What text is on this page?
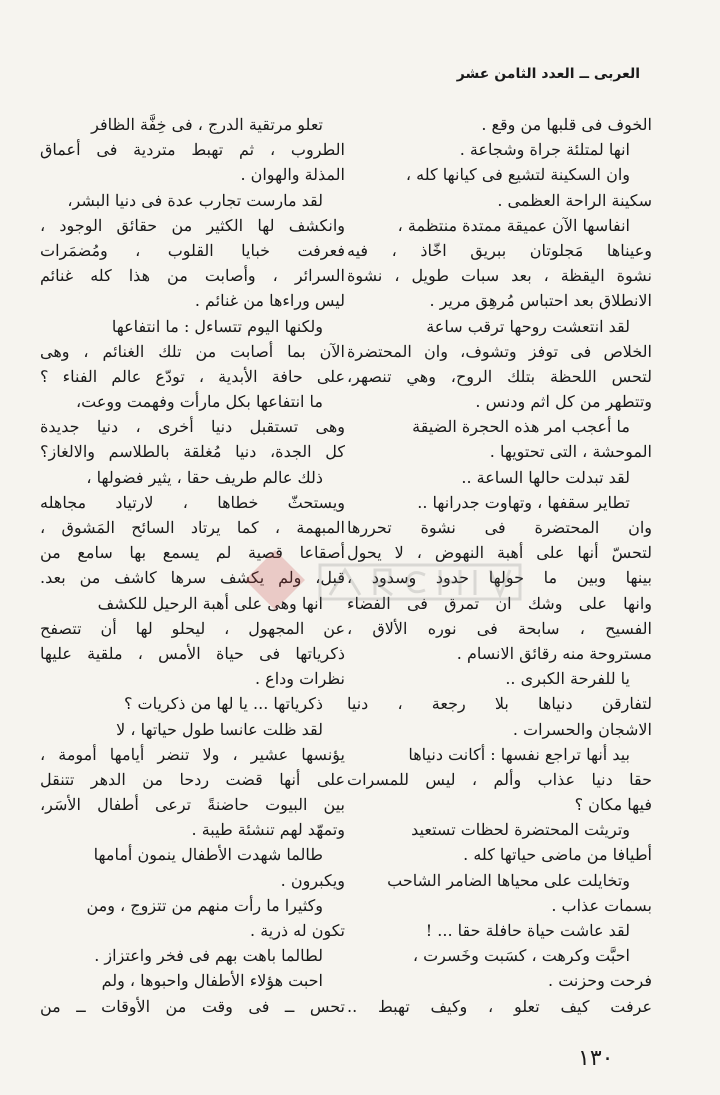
العربى ــ العدد الثامن عشر
الخوف فى قلبها من وقع .
انها لمتلئة جراة وشجاعة .
وان السكينة لتشيع فى كيانها كله ،
سكينة الراحة العظمى .
انفاسها الآن عميقة ممتدة منتظمة ،
وعيناها مَجلوتان ببريق اخّاذ ، فيه
نشوة اليقظة ، بعد سبات طويل ، نشوة
الانطلاق بعد احتباس مُرهِق مرير .
لقد انتعشت روحها ترقب ساعة
الخلاص فى توفز وتشوف، وان المحتضرة
لتحس اللحظة بتلك الروح، وهي تنصهر،
وتتطهر من كل اثم ودنس .
ما أعجب امر هذه الحجرة الضيقة
الموحشة ، التى تحتويها .
لقد تبدلت حالها الساعة ..
تطاير سقفها ، وتهاوت جدرانها ..
وان المحتضرة فى نشوة تحررها
لتحسّ أنها على أهبة النهوض ، لا يحول
بينها وبين ما حولها حدود وسدود ،
وانها على وشك ان تمرق فى الفضاء
الفسيح ، سابحة فى نوره الألاق ،
مستروحة منه رقائق الانسام .
يا للفرحة الكبرى ..
لتفارقن دنياها بلا رجعة ، دنيا
الاشجان والحسرات .
بيد أنها تراجع نفسها : أكانت دنياها
حقا دنيا عذاب وألم ، ليس للمسرات
فيها مكان ؟
وتريثت المحتضرة لحظات تستعيد
أطيافا من ماضى حياتها كله .
وتخايلت على محياها الضامر الشاحب
بسمات عذاب .
لقد عاشت حياة حافلة حقا ... !
احبَّت وكرهت ، كسَبت وخَسرت ،
فرحت وحزنت .
عرفت كيف تعلو ، وكيف تهبط ..
تعلو مرتقية الدرج ، فى خِفَّة الظافر
الطروب ، ثم تهبط متردية فى أعماق
المذلة والهوان .
لقد مارست تجارب عدة فى دنيا البشر،
وانكشف لها الكثير من حقائق الوجود ،
فعرفت خبايا القلوب ، ومُضمَرات
السرائر ، وأصابت من هذا كله غنائم
ليس وراءها من غنائم .
ولكنها اليوم تتساءل : ما انتفاعها
الآن بما أصابت من تلك الغنائم ، وهى
على حافة الأبدية ، تودّع عالم الفناء ؟
ما انتفاعها بكل مارأت وفهمت ووعت،
وهى تستقبل دنيا أخرى ، دنيا جديدة
كل الجدة، دنيا مُغلقة بالطلاسم والالغاز؟
ذلك عالم طريف حقا ، يثير فضولها ،
ويستحثّ خطاها ، لارتياد مجاهله
المبهمة ، كما يرتاد السائح المَشوق ،
أصقاعا قصية لم يسمع بها سامع من
قبل، ولم يكشف سرها كاشف من بعد.
انها وهى على أهبة الرحيل للكشف
عن المجهول ، ليحلو لها أن تتصفح
ذكرياتها فى حياة الأمس ، ملقية عليها
نظرات وداع .
ذكرياتها ... يا لها من ذكريات ؟
لقد ظلت عانسا طول حياتها ، لا
يؤنسها عشير ، ولا تنضر أيامها أمومة ،
على أنها قضت ردحا من الدهر تتنقل
بين البيوت حاضنةً ترعى أطفال الأسَر،
وتمهّد لهم تنشئة طيبة .
طالما شهدت الأطفال ينمون أمامها
ويكبرون .
وكثيرا ما رأت منهم من تتزوج ، ومن
تكون له ذرية .
لطالما باهت بهم فى فخر واعتزاز .
احبت هؤلاء الأطفال واحبوها ، ولم
تحس ــ فى وقت من الأوقات ــ من
١٣٠
